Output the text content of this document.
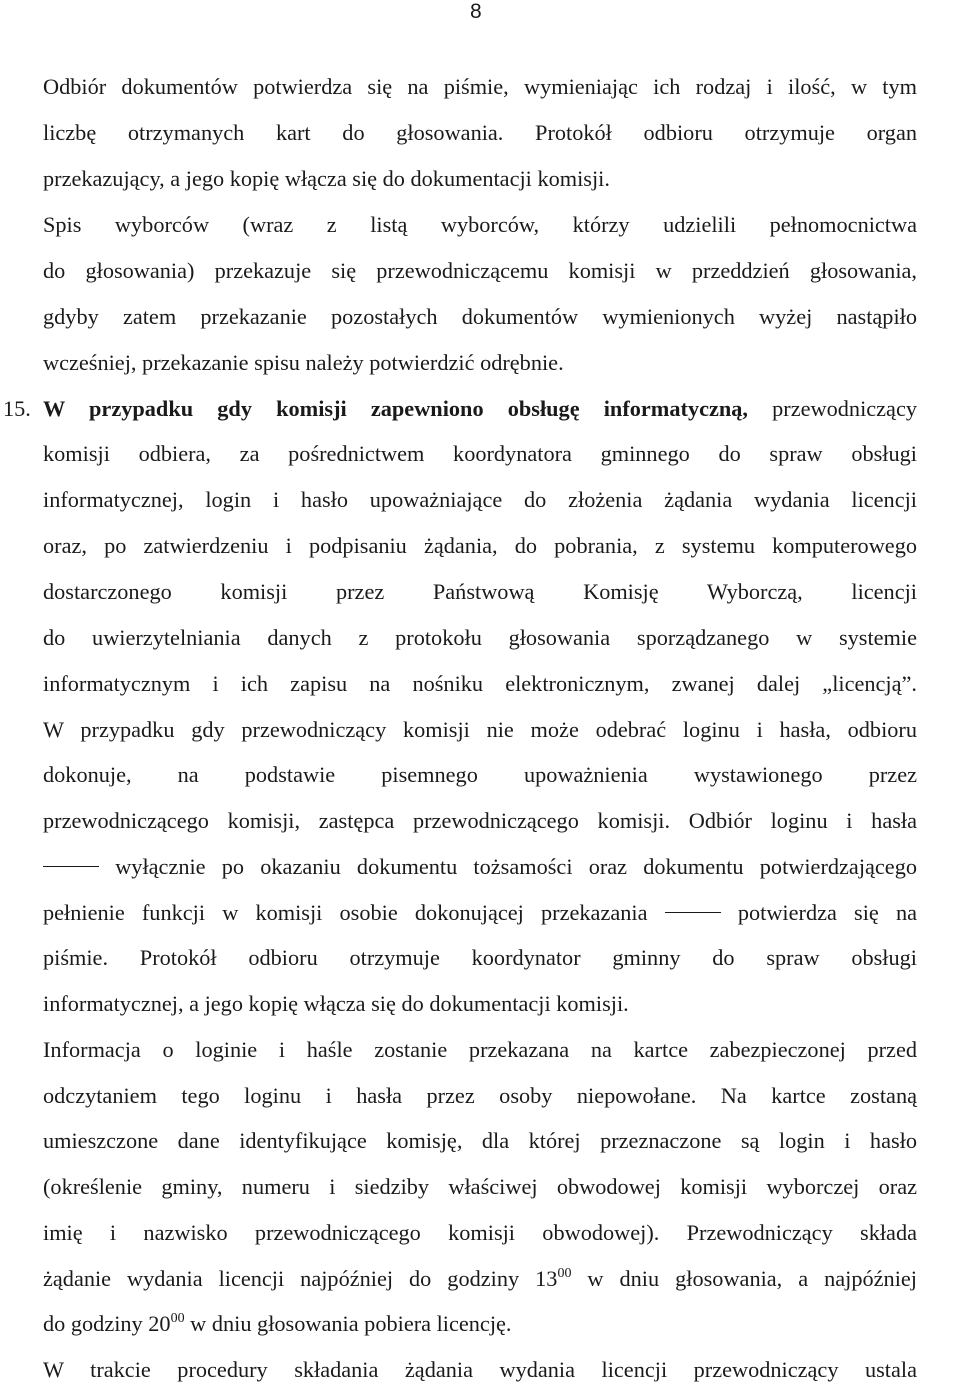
8
Odbiór dokumentów potwierdza się na piśmie, wymieniając ich rodzaj i ilość, w tym
liczbę otrzymanych kart do głosowania. Protokół odbioru otrzymuje organ
przekazujący, a jego kopię włącza się do dokumentacji komisji.
Spis wyborców (wraz z listą wyborców, którzy udzielili pełnomocnictwa
do głosowania) przekazuje się przewodniczącemu komisji w przeddzień głosowania,
gdyby zatem przekazanie pozostałych dokumentów wymienionych wyżej nastąpiło
wcześniej, przekazanie spisu należy potwierdzić odrębnie.
15. W przypadku gdy komisji zapewniono obsługę informatyczną, przewodniczący
komisji odbiera, za pośrednictwem koordynatora gminnego do spraw obsługi
informatycznej, login i hasło upoważniające do złożenia żądania wydania licencji
oraz, po zatwierdzeniu i podpisaniu żądania, do pobrania, z systemu komputerowego
dostarczonego komisji przez Państwową Komisję Wyborczą, licencji
do uwierzytelniania danych z protokołu głosowania sporządzanego w systemie
informatycznym i ich zapisu na nośniku elektronicznym, zwanej dalej „licencją”.
W przypadku gdy przewodniczący komisji nie może odebrać loginu i hasła, odbioru
dokonuje, na podstawie pisemnego upoważnienia wystawionego przez
przewodniczącego komisji, zastępca przewodniczącego komisji. Odbiór loginu i hasła
wyłącznie po okazaniu dokumentu tożsamości oraz dokumentu potwierdzającego
pełnienie funkcji w komisji osobie dokonującej przekazania	potwierdza się na
piśmie. Protokół odbioru otrzymuje koordynator gminny do spraw obsługi
informatycznej, a jego kopię włącza się do dokumentacji komisji.
Informacja o loginie i haśle zostanie przekazana na kartce zabezpieczonej przed
odczytaniem tego loginu i hasła przez osoby niepowołane. Na kartce zostaną
umieszczone dane identyfikujące komisję, dla której przeznaczone są login i hasło
(określenie gminy, numeru i siedziby właściwej obwodowej komisji wyborczej oraz
imię i nazwisko przewodniczącego komisji obwodowej). Przewodniczący składa
żądanie wydania licencji najpóźniej do godziny $13^{00}$ w dniu głosowania, a najpóźniej
do godziny $20^{00}$ w dniu głosowania pobiera licencję.
W trakcie procedury składania żądania wydania licencji przewodniczący ustala
